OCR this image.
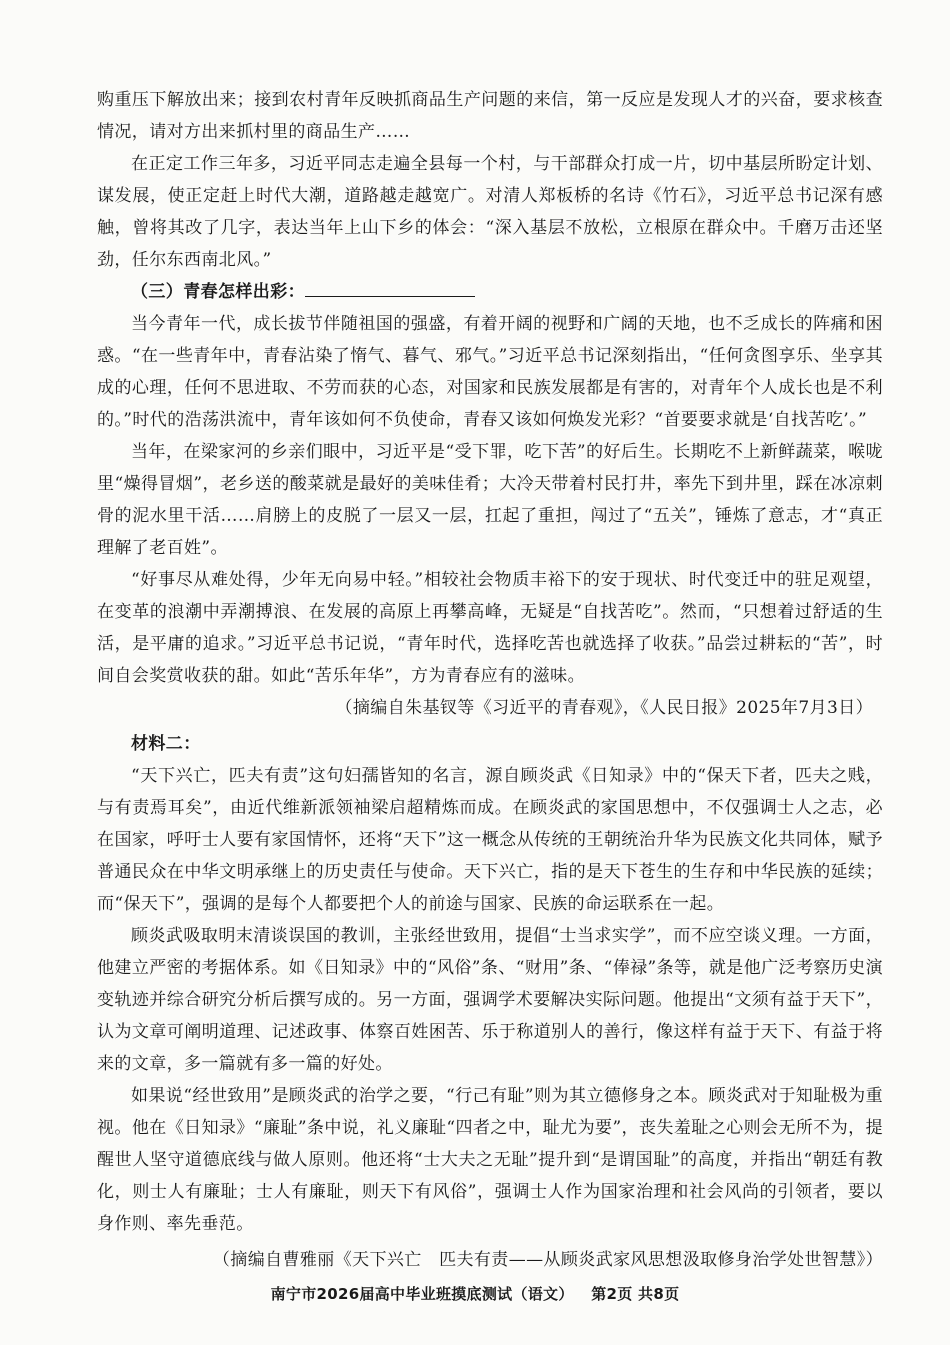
购重压下解放出来；接到农村青年反映抓商品生产问题的来信，第一反应是发现人才的兴奋，要求核查情况，请对方出来抓村里的商品生产……

在正定工作三年多，习近平同志走遍全县每一个村，与干部群众打成一片，切中基层所盼定计划、谋发展，使正定赶上时代大潮，道路越走越宽广。对清人郑板桥的名诗《竹石》，习近平总书记深有感触，曾将其改了几字，表达当年上山下乡的体会：“深入基层不放松，立根原在群众中。千磨万击还坚劲，任尔东西南北风。”

（三）青春怎样出彩：

当今青年一代，成长拔节伴随祖国的强盛，有着开阔的视野和广阔的天地，也不乏成长的阵痛和困惑。“在一些青年中，青春沾染了惰气、暮气、邪气。”习近平总书记深刻指出，“任何贪图享乐、坐享其成的心理，任何不思进取、不劳而获的心态，对国家和民族发展都是有害的，对青年个人成长也是不利的。”时代的浩荡洪流中，青年该如何不负使命，青春又该如何焕发光彩？“首要要求就是‘自找苦吃’。”

当年，在梁家河的乡亲们眼中，习近平是“受下罪，吃下苦”的好后生。长期吃不上新鲜蔬菜，喉咙里“燥得冒烟”，老乡送的酸菜就是最好的美味佳肴；大冷天带着村民打井，率先下到井里，踩在冰凉刺骨的泥水里干活……肩膀上的皮脱了一层又一层，扛起了重担，闯过了“五关”，锤炼了意志，才“真正理解了老百姓”。

“好事尽从难处得，少年无向易中轻。”相较社会物质丰裕下的安于现状、时代变迁中的驻足观望，在变革的浪潮中弄潮搏浪、在发展的高原上再攀高峰，无疑是“自找苦吃”。然而，“只想着过舒适的生活，是平庸的追求。”习近平总书记说，“青年时代，选择吃苦也就选择了收获。”品尝过耕耘的“苦”，时间自会奖赏收获的甜。如此“苦乐年华”，方为青春应有的滋味。

（摘编自朱基钗等《习近平的青春观》，《人民日报》2025年7月3日）
材料二：

“天下兴亡，匹夫有责”这句妇孺皆知的名言，源自顾炎武《日知录》中的“保天下者，匹夫之贱，与有责焉耳矣”，由近代维新派领袖梁启超精炼而成。在顾炎武的家国思想中，不仅强调士人之志，必在国家，呼吁士人要有家国情怀，还将“天下”这一概念从传统的王朝统治升华为民族文化共同体，赋予普通民众在中华文明承继上的历史责任与使命。天下兴亡，指的是天下苍生的生存和中华民族的延续；而“保天下”，强调的是每个人都要把个人的前途与国家、民族的命运联系在一起。

顾炎武吸取明末清谈误国的教训，主张经世致用，提倡“士当求实学”，而不应空谈义理。一方面，他建立严密的考据体系。如《日知录》中的“风俗”条、“财用”条、“俸禄”条等，就是他广泛考察历史演变轨迹并综合研究分析后撰写成的。另一方面，强调学术要解决实际问题。他提出“文须有益于天下”，认为文章可阐明道理、记述政事、体察百姓困苦、乐于称道别人的善行，像这样有益于天下、有益于将来的文章，多一篇就有多一篇的好处。

如果说“经世致用”是顾炎武的治学之要，“行己有耻”则为其立德修身之本。顾炎武对于知耻极为重视。他在《日知录》“廉耻”条中说，礼义廉耻“四者之中，耻尤为要”，丧失羞耻之心则会无所不为，提醒世人坚守道德底线与做人原则。他还将“士大夫之无耻”提升到“是谓国耻”的高度，并指出“朝廷有教化，则士人有廉耻；士人有廉耻，则天下有风俗”，强调士人作为国家治理和社会风尚的引领者，要以身作则、率先垂范。

（摘编自曹雅丽《天下兴亡　匹夫有责——从顾炎武家风思想汲取修身治学处世智慧》）
南宁市2026届高中毕业班摸底测试（语文） 第2页 共8页
